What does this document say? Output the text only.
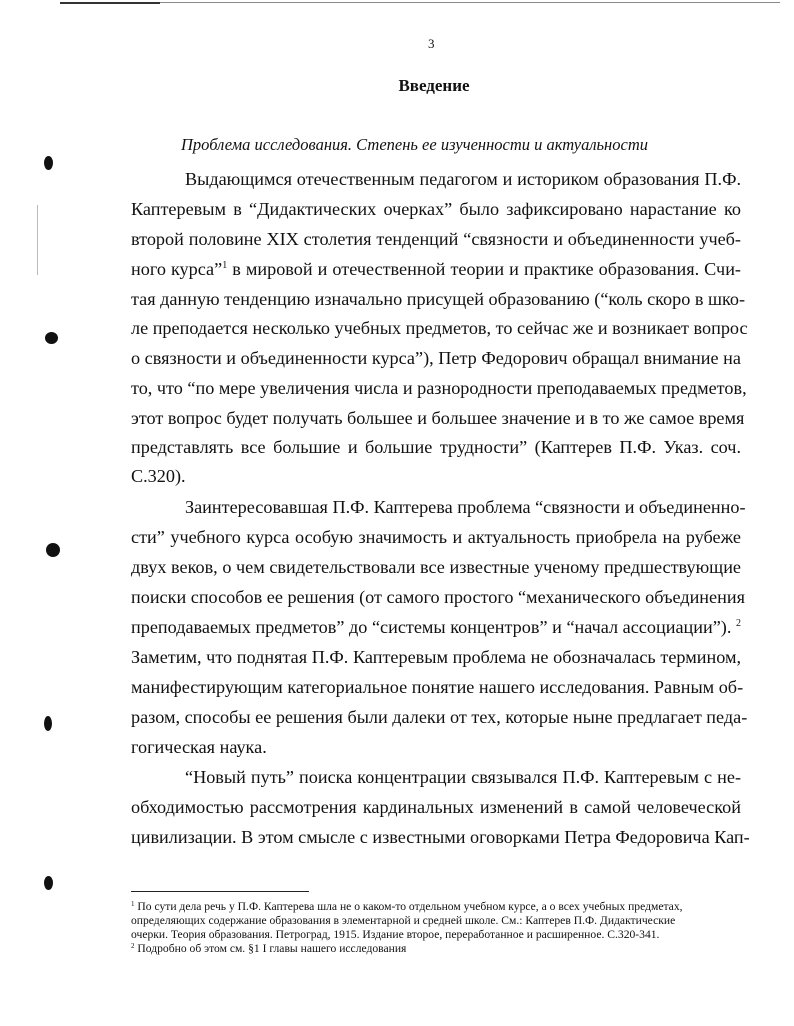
3
Введение
Проблема исследования. Степень ее изученности и актуальности
Выдающимся отечественным педагогом и историком образования П.Ф.
Каптеревым в “Дидактических очерках” было зафиксировано нарастание ко
второй половине XIX столетия тенденций “связности и объединенности учеб-
ного курса”$^1$ в мировой и отечественной теории и практике образования. Счи-
тая данную тенденцию изначально присущей образованию (“коль скоро в шко-
ле преподается несколько учебных предметов, то сейчас же и возникает вопрос
о связности и объединенности курса”), Петр Федорович обращал внимание на
то, что “по мере увеличения числа и разнородности преподаваемых предметов,
этот вопрос будет получать большее и большее значение и в то же самое время
представлять все большие и большие трудности” (Каптерев П.Ф. Указ. соч.
С.320).
Заинтересовавшая П.Ф. Каптерева проблема “связности и объединенно-
сти” учебного курса особую значимость и актуальность приобрела на рубеже
двух веков, о чем свидетельствовали все известные ученому предшествующие
поиски способов ее решения (от самого простого “механического объединения
преподаваемых предметов” до “системы концентров” и “начал ассоциации”). $^2$
Заметим, что поднятая П.Ф. Каптеревым проблема не обозначалась термином,
манифестирующим категориальное понятие нашего исследования. Равным об-
разом, способы ее решения были далеки от тех, которые ныне предлагает педа-
гогическая наука.
“Новый путь” поиска концентрации связывался П.Ф. Каптеревым с не-
обходимостью рассмотрения кардинальных изменений в самой человеческой
цивилизации. В этом смысле с известными оговорками Петра Федоровича Кап-
$^1$ По сути дела речь у П.Ф. Каптерева шла не о каком-то отдельном учебном курсе, а о всех учебных предметах,
определяющих содержание образования в элементарной и средней школе. См.: Каптерев П.Ф. Дидактические
очерки. Теория образования. Петроград, 1915. Издание второе, переработанное и расширенное. С.320-341.
$^2$ Подробно об этом см. §1 I главы нашего исследования
